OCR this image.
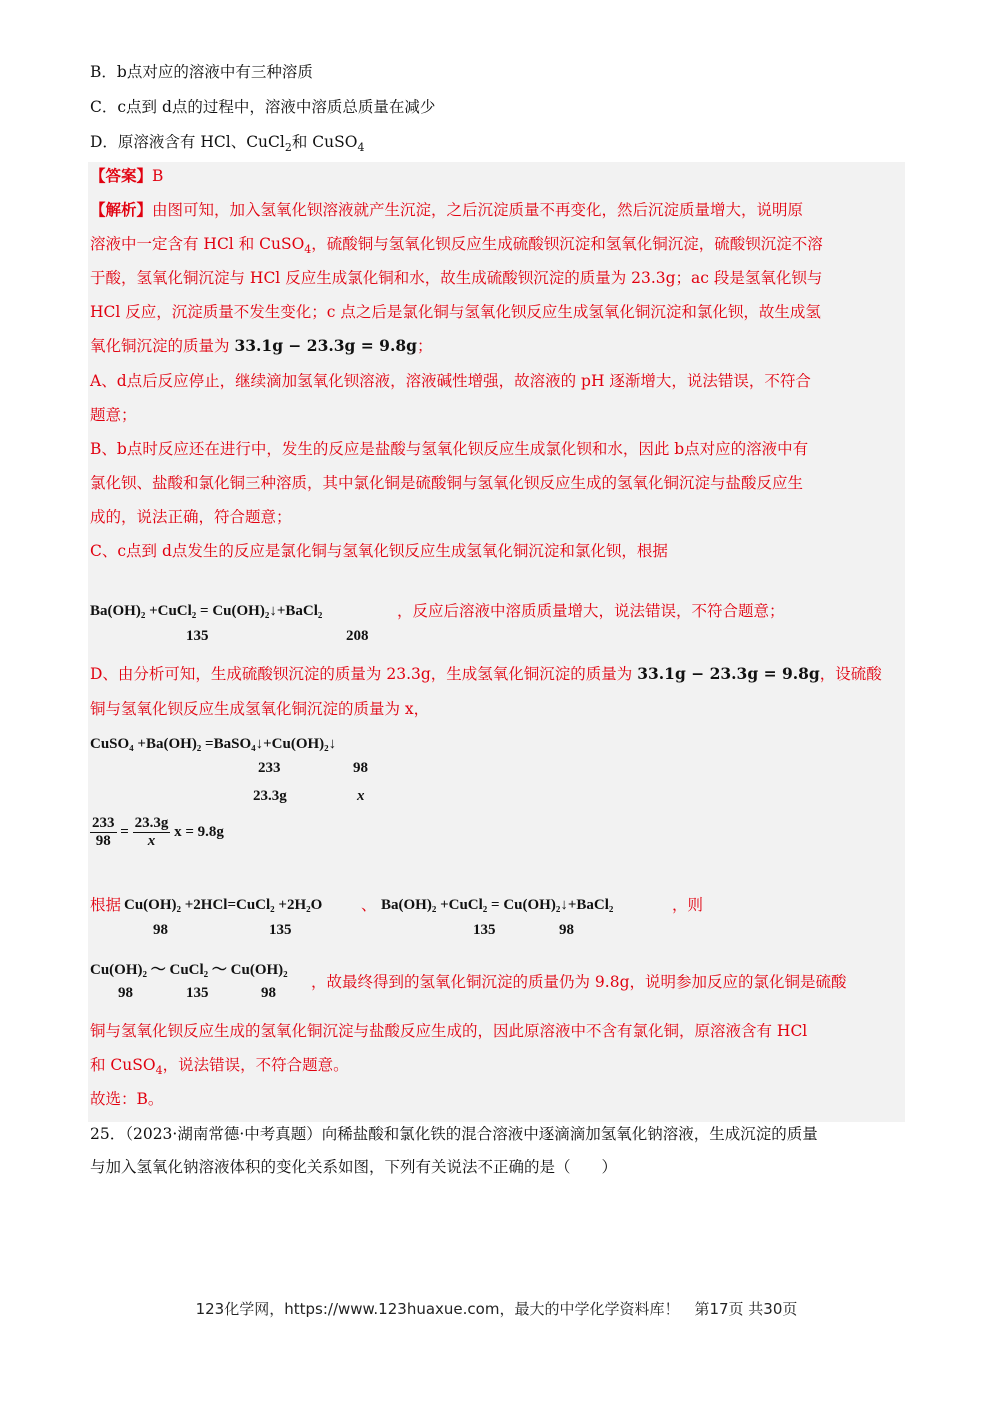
B．b点对应的溶液中有三种溶质
C．c点到 d点的过程中，溶液中溶质总质量在减少
D．原溶液含有 HCl、CuCl$_2$和 CuSO$_4$
【答案】B
【解析】由图可知，加入氢氧化钡溶液就产生沉淀，之后沉淀质量不再变化，然后沉淀质量增大，说明原
溶液中一定含有 HCl 和 CuSO$_4$，硫酸铜与氢氧化钡反应生成硫酸钡沉淀和氢氧化铜沉淀，硫酸钡沉淀不溶
于酸，氢氧化铜沉淀与 HCl 反应生成氯化铜和水，故生成硫酸钡沉淀的质量为 23.3g；ac 段是氢氧化钡与
HCl 反应，沉淀质量不发生变化；c 点之后是氯化铜与氢氧化钡反应生成氢氧化铜沉淀和氯化钡，故生成氢
氧化铜沉淀的质量为 33.1g − 23.3g = 9.8g；
A、d点后反应停止，继续滴加氢氧化钡溶液，溶液碱性增强，故溶液的 pH 逐渐增大，说法错误，不符合
题意；
B、b点时反应还在进行中，发生的反应是盐酸与氢氧化钡反应生成氯化钡和水，因此 b点对应的溶液中有
氯化钡、盐酸和氯化铜三种溶质，其中氯化铜是硫酸铜与氢氧化钡反应生成的氢氧化铜沉淀与盐酸反应生
成的，说法正确，符合题意；
C、c点到 d点发生的反应是氯化铜与氢氧化钡反应生成氢氧化铜沉淀和氯化钡，根据
Ba(OH)₂ +CuCl₂ = Cu(OH)₂↓+BaCl₂	，反应后溶液中溶质质量增大，说法错误，不符合题意；
135	208
D、由分析可知，生成硫酸钡沉淀的质量为 23.3g，生成氢氧化铜沉淀的质量为 33.1g − 23.3g = 9.8g，设硫酸
铜与氢氧化钡反应生成氢氧化铜沉淀的质量为 x，
CuSO₄ +Ba(OH)₂ =BaSO₄↓+Cu(OH)₂↓
233	98
23.3g	x
$\frac{233}{98} = \frac{23.3g}{x}$ x = 9.8g
根据 Cu(OH)₂ +2HCl=CuCl₂ +2H₂O 、 Ba(OH)₂ +CuCl₂ = Cu(OH)₂↓+BaCl₂	，则
98	135	135	98
Cu(OH)₂ ～ CuCl₂ ～ Cu(OH)₂
，故最终得到的氢氧化铜沉淀的质量仍为 9.8g，说明参加反应的氯化铜是硫酸
98	135	98
铜与氢氧化钡反应生成的氢氧化铜沉淀与盐酸反应生成的，因此原溶液中不含有氯化铜，原溶液含有 HCl
和 CuSO$_4$，说法错误，不符合题意。
故选：B。
25．（2023·湖南常德·中考真题）向稀盐酸和氯化铁的混合溶液中逐滴滴加氢氧化钠溶液，生成沉淀的质量
与加入氢氧化钠溶液体积的变化关系如图，下列有关说法不正确的是（　　）
123化学网，https://www.123huaxue.com，最大的中学化学资料库！　第17页 共30页
